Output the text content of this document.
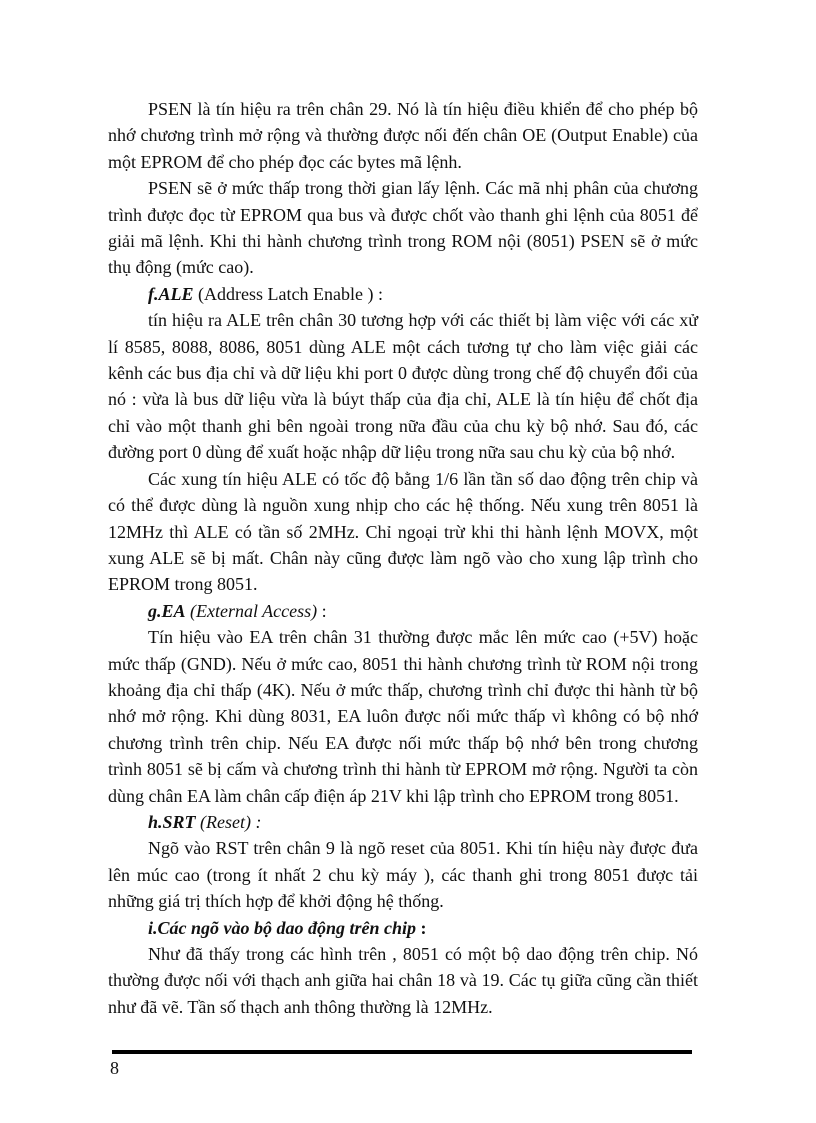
PSEN là tín hiệu ra trên chân 29. Nó là tín hiệu điều khiển để cho phép bộ nhớ chương trình mở rộng và thường được nối đến chân OE (Output Enable) của một EPROM để cho phép đọc các bytes mã lệnh.

PSEN sẽ ở mức thấp trong thời gian lấy lệnh. Các mã nhị phân của chương trình được đọc từ EPROM qua bus và được chốt vào thanh ghi lệnh của 8051 để giải mã lệnh. Khi thi hành chương trình trong ROM nội (8051) PSEN sẽ ở mức thụ động (mức cao).

f.ALE (Address Latch Enable ) :

tín hiệu ra ALE trên chân 30 tương hợp với các thiết bị làm việc với các xử lí 8585, 8088, 8086, 8051 dùng ALE một cách tương tự cho làm việc giải các kênh các bus địa chỉ và dữ liệu khi port 0 được dùng trong chế độ chuyển đổi của nó : vừa là bus dữ liệu vừa là búyt thấp của địa chỉ, ALE là tín hiệu để chốt địa chỉ vào một thanh ghi bên ngoài trong nữa đầu của chu kỳ bộ nhớ. Sau đó, các đường port 0 dùng để xuất hoặc nhập dữ liệu trong nữa sau chu kỳ của bộ nhớ.

Các xung tín hiệu ALE có tốc độ bằng 1/6 lần tần số dao động trên chip và có thể được dùng là nguồn xung nhịp cho các hệ thống. Nếu xung trên 8051 là 12MHz thì ALE có tần số 2MHz. Chỉ ngoại trừ khi thi hành lệnh MOVX, một xung ALE sẽ bị mất. Chân này cũng được làm ngõ vào cho xung lập trình cho EPROM trong 8051.

g.EA (External Access) :

Tín hiệu vào EA trên chân 31 thường được mắc lên mức cao (+5V) hoặc mức thấp (GND). Nếu ở mức cao, 8051 thi hành chương trình từ ROM nội trong khoảng địa chỉ thấp (4K). Nếu ở mức thấp, chương trình chỉ được thi hành từ bộ nhớ mở rộng. Khi dùng 8031, EA luôn được nối mức thấp vì không có bộ nhớ chương trình trên chip. Nếu EA được nối mức thấp bộ nhớ bên trong chương trình 8051 sẽ bị cấm và chương trình thi hành từ EPROM mở rộng. Người ta còn dùng chân EA làm chân cấp điện áp 21V khi lập trình cho EPROM trong 8051.

h.SRT (Reset) :

Ngõ vào RST trên chân 9 là ngõ reset của 8051. Khi tín hiệu này được đưa lên múc cao (trong ít nhất 2 chu kỳ máy ), các thanh ghi trong 8051 được tải những giá trị thích hợp để khởi động hệ thống.

i.Các ngõ vào bộ dao động trên chip :

Như đã thấy trong các hình trên , 8051 có một bộ dao động trên chip. Nó thường được nối với thạch anh giữa hai chân 18 và 19. Các tụ giữa cũng cần thiết như đã vẽ. Tần số thạch anh thông thường là 12MHz.

8
